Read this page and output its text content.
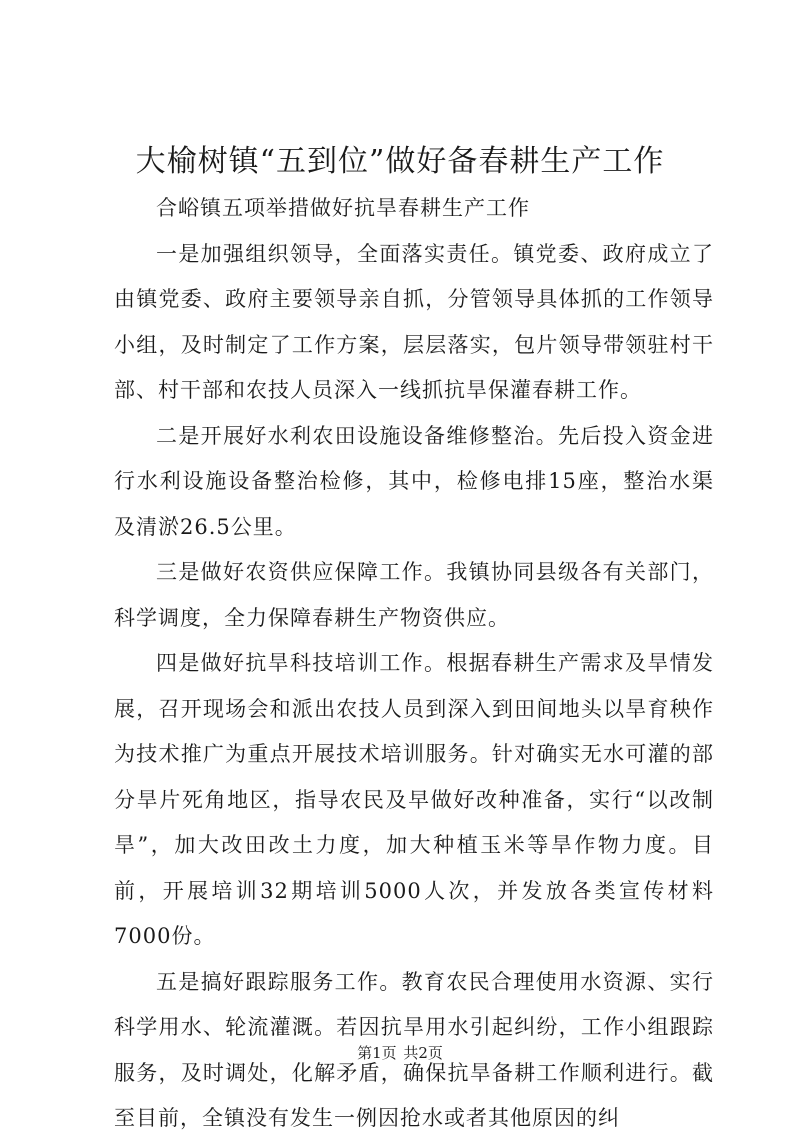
大榆树镇“五到位”做好备春耕生产工作

合峪镇五项举措做好抗旱春耕生产工作

一是加强组织领导，全面落实责任。镇党委、政府成立了由镇党委、政府主要领导亲自抓，分管领导具体抓的工作领导小组，及时制定了工作方案，层层落实，包片领导带领驻村干部、村干部和农技人员深入一线抓抗旱保灌春耕工作。

二是开展好水利农田设施设备维修整治。先后投入资金进行水利设施设备整治检修，其中，检修电排15座，整治水渠及清淤26.5公里。

三是做好农资供应保障工作。我镇协同县级各有关部门，科学调度，全力保障春耕生产物资供应。

四是做好抗旱科技培训工作。根据春耕生产需求及旱情发展，召开现场会和派出农技人员到深入到田间地头以旱育秧作为技术推广为重点开展技术培训服务。针对确实无水可灌的部分旱片死角地区，指导农民及早做好改种准备，实行“以改制旱”，加大改田改土力度，加大种植玉米等旱作物力度。目前，开展培训32期培训5000人次，并发放各类宣传材料7000份。

五是搞好跟踪服务工作。教育农民合理使用水资源、实行科学用水、轮流灌溉。若因抗旱用水引起纠纷，工作小组跟踪服务，及时调处，化解矛盾，确保抗旱备耕工作顺利进行。截至目前，全镇没有发生一例因抢水或者其他原因的纠

第1页 共2页
